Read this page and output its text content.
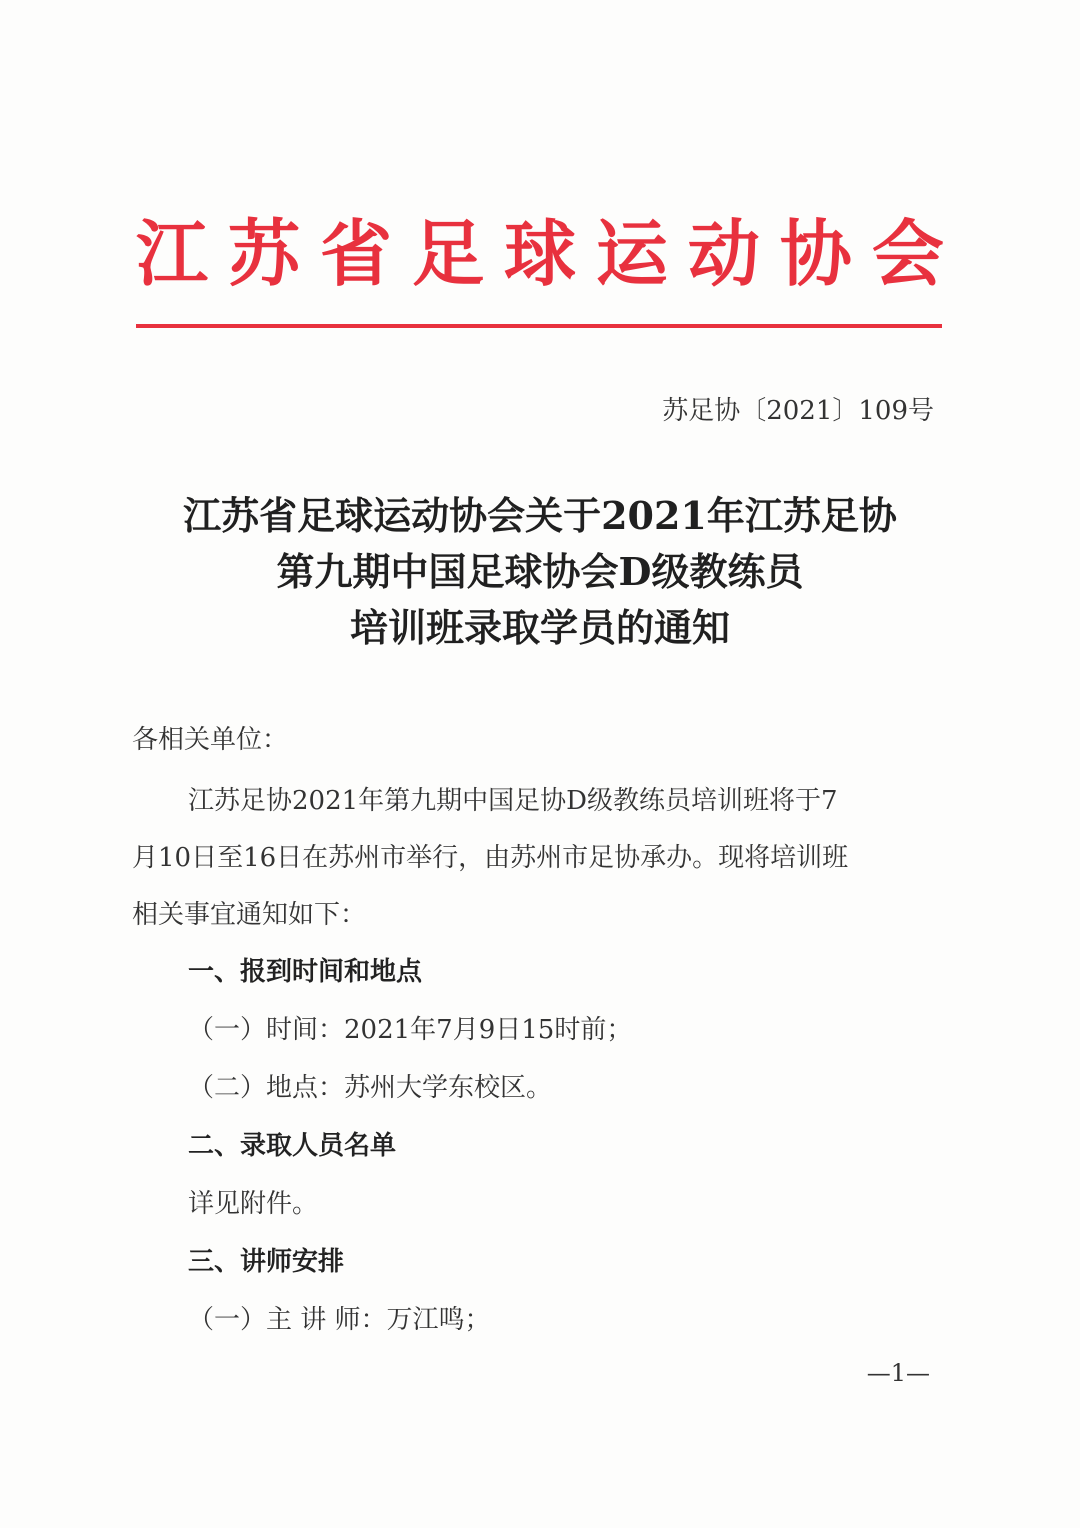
江 苏 省 足 球 运 动 协 会
苏足协〔2021〕109号
江苏省足球运动协会关于2021年江苏足协
第九期中国足球协会D级教练员
培训班录取学员的通知
各相关单位：
江苏足协2021年第九期中国足协D级教练员培训班将于7
月10日至16日在苏州市举行，由苏州市足协承办。现将培训班
相关事宜通知如下：
一、报到时间和地点
（一）时间：2021年7月9日15时前；
（二）地点：苏州大学东校区。
二、录取人员名单
详见附件。
三、讲师安排
（一）主 讲 师：万江鸣；
—1—
